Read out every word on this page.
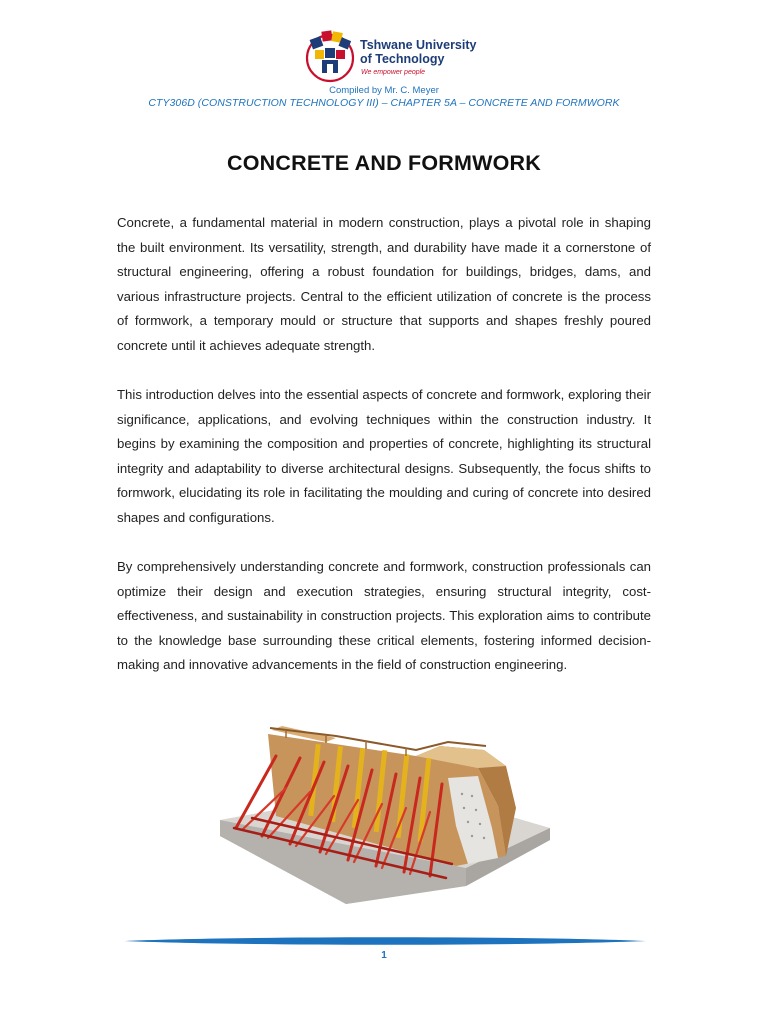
Tshwane University
of Technology
We empower people
Compiled by Mr. C. Meyer
CTY306D (CONSTRUCTION TECHNOLOGY III) – CHAPTER 5A – CONCRETE AND FORMWORK
CONCRETE AND FORMWORK
Concrete, a fundamental material in modern construction, plays a pivotal role in shaping the built environment. Its versatility, strength, and durability have made it a cornerstone of structural engineering, offering a robust foundation for buildings, bridges, dams, and various infrastructure projects. Central to the efficient utilization of concrete is the process of formwork, a temporary mould or structure that supports and shapes freshly poured concrete until it achieves adequate strength.
This introduction delves into the essential aspects of concrete and formwork, exploring their significance, applications, and evolving techniques within the construction industry. It begins by examining the composition and properties of concrete, highlighting its structural integrity and adaptability to diverse architectural designs. Subsequently, the focus shifts to formwork, elucidating its role in facilitating the moulding and curing of concrete into desired shapes and configurations.
By comprehensively understanding concrete and formwork, construction professionals can optimize their design and execution strategies, ensuring structural integrity, cost-effectiveness, and sustainability in construction projects. This exploration aims to contribute to the knowledge base surrounding these critical elements, fostering informed decision-making and innovative advancements in the field of construction engineering.
1
